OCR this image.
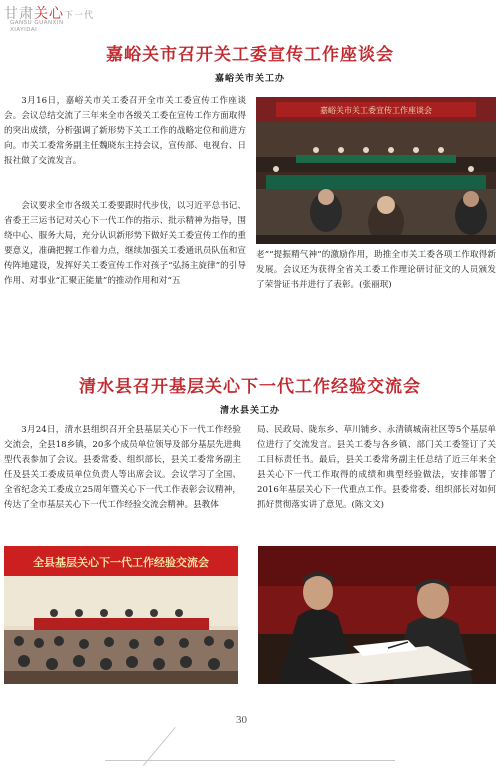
甘肃关心下一代
GANSU GUANXIN
XIAYIDAI
嘉峪关市召开关工委宣传工作座谈会
嘉峪关市关工办

3月16日，嘉峪关市关工委召开全市关工委宣传工作座谈会。会议总结交流了三年来全市各级关工委在宣传工作方面取得的突出成绩，分析强调了新形势下关工工作的战略定位和前进方向。市关工委常务副主任魏晓东主持会议，宣传部、电视台、日报社做了交流发言。

会议要求全市各级关工委要跟时代步伐，以习近平总书记、省委王三运书记对关心下一代工作的指示、批示精神为指导，围绕中心、服务大局，充分认识新形势下做好关工委宣传工作的重要意义，准确把握工作着力点，继续加强关工委通讯员队伍和宣传阵地建设，发挥好关工委宣传工作对孩子“弘扬主旋律”的引导作用、对事业“汇聚正能量”的推动作用和对“五

嘉峪关市关工委宣传工作座谈会

老”“提振精气神”的激励作用，助推全市关工委各项工作取得新发展。会议还为获得全省关工委工作理论研讨征文的人员颁发了荣誉证书并进行了表彰。(张丽珉)

清水县召开基层关心下一代工作经验交流会
清水县关工办

3月24日，清水县组织召开全县基层关心下一代工作经验交流会，全县18乡镇，20多个成员单位领导及部分基层先进典型代表参加了会议。县委常委、组织部长，县关工委常务副主任及县关工委成员单位负责人等出席会议。会议学习了全国、全省纪念关工委成立25周年暨关心下一代工作表彰会议精神，传达了全市基层关心下一代工作经验交流会精神。县教体

局、民政局、陇东乡、草川铺乡、永清镇城南社区等5个基层单位进行了交流发言。县关工委与各乡镇、部门关工委签订了关工目标责任书。最后，县关工委常务副主任总结了近三年来全县关心下一代工作取得的成绩和典型经验做法，安排部署了2016年基层关心下一代重点工作。县委常委、组织部长对如何抓好贯彻落实讲了意见。(陈文文)

全县基层关心下一代工作经验交流会
30
